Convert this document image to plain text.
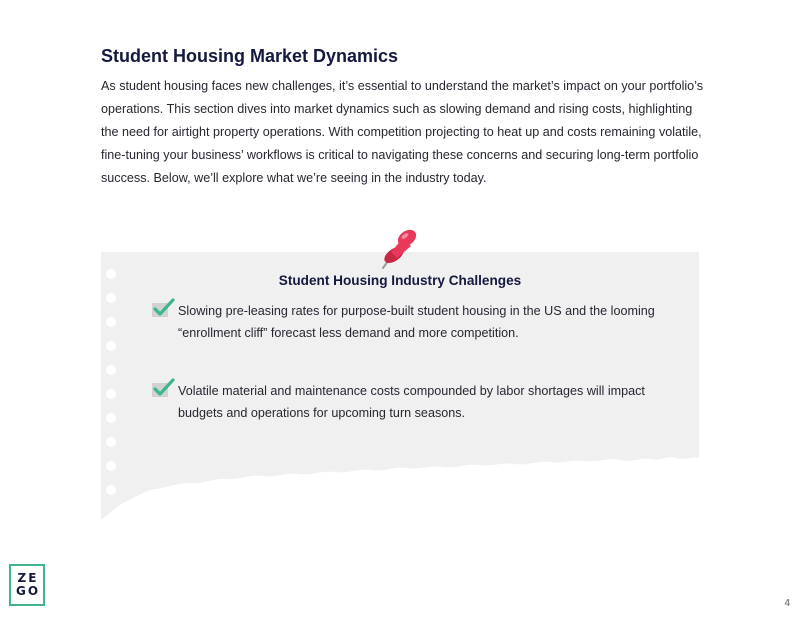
Student Housing Market Dynamics

As student housing faces new challenges, it’s essential to understand the market’s impact on your portfolio’s operations. This section dives into market dynamics such as slowing demand and rising costs, highlighting the need for airtight property operations. With competition projecting to heat up and costs remaining volatile, fine-tuning your business’ workflows is critical to navigating these concerns and securing long-term portfolio success. Below, we’ll explore what we’re seeing in the industry today.

Student Housing Industry Challenges
Slowing pre-leasing rates for purpose-built student housing in the US and the looming “enrollment cliff” forecast less demand and more competition.
Volatile material and maintenance costs compounded by labor shortages will impact budgets and operations for upcoming turn seasons.
ZE
GO
4
